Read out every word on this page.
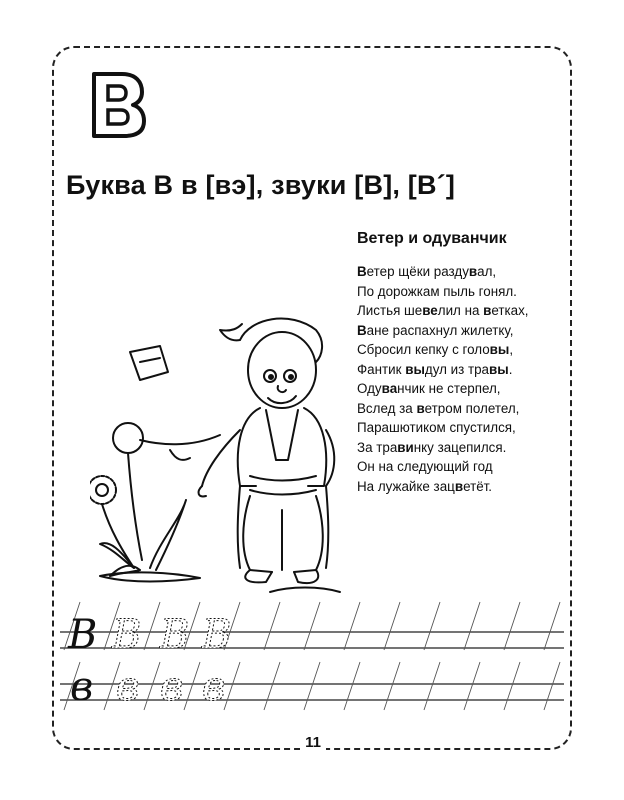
Буква В в [вэ], звуки [В], [В´]
Ветер и одуванчик
Ветер щёки раздувал,
По дорожкам пыль гонял.
Листья шевелил на ветках,
Ване распахнул жилетку,
Сбросил кепку с головы,
Фантик выдул из травы.
Одуванчик не стерпел,
Вслед за ветром полетел,
Парашютиком спустился,
За травинку зацепился.
Он на следующий год
На лужайке зацветёт.
В В В В
в в в в
11
